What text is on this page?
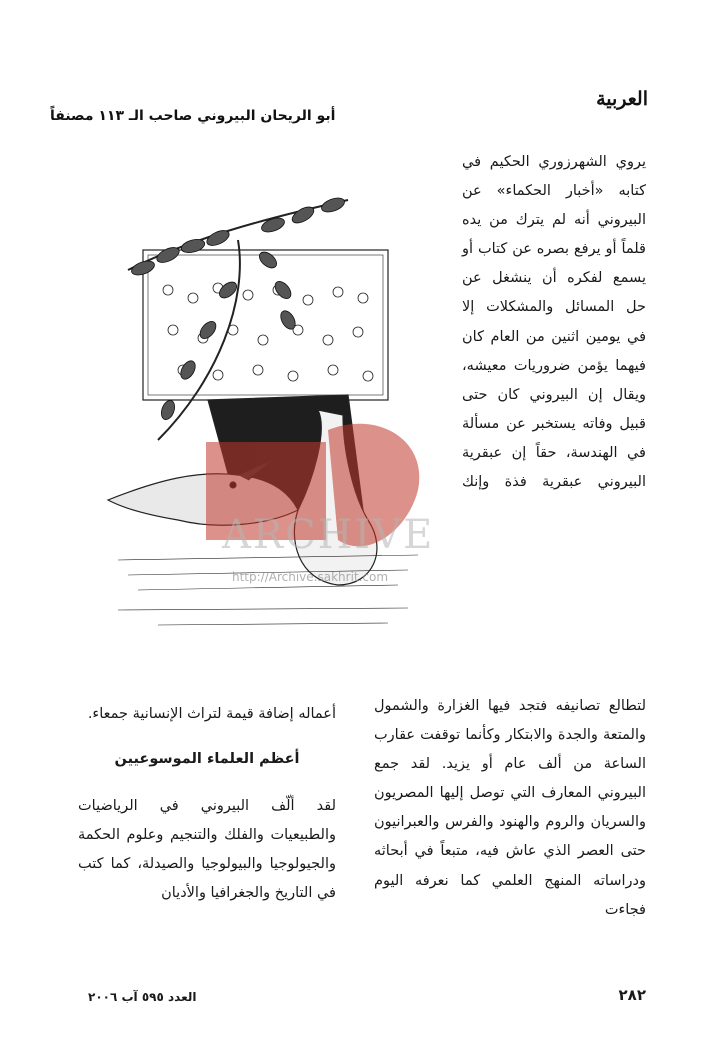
العربية
أبو الريحان البيروني صاحب الـ ١١٣ مصنفاً
ARCHIVE
http://Archive.sakhrit.com

يروي الشهرزوري الحكيم في كتابه «أخبار الحكماء» عن البيروني أنه لم يترك من يده قلماً أو يرفع بصره عن كتاب أو يسمع لفكره أن ينشغل عن حل المسائل والمشكلات إلا في يومين اثنين من العام كان فيهما يؤمن ضروريات معيشه، ويقال إن البيروني كان حتى قبيل وفاته يستخبر عن مسألة في الهندسة، حقاً إن عبقرية البيروني عبقرية فذة وإنك

لتطالع تصانيفه فتجد فيها الغزارة والشمول والمتعة والجدة والابتكار وكأنما توقفت عقارب الساعة من ألف عام أو يزيد. لقد جمع البيروني المعارف التي توصل إليها المصريون والسريان والروم والهنود والفرس والعبرانيون حتى العصر الذي عاش فيه، متبعاً في أبحاثه ودراساته المنهج العلمي كما نعرفه اليوم فجاءت

أعماله إضافة قيمة لتراث الإنسانية جمعاء.

أعظم العلماء الموسوعيين

لقد ألّف البيروني في الرياضيات والطبيعيات والفلك والتنجيم وعلوم الحكمة والجيولوجيا والبيولوجيا والصيدلة، كما كتب في التاريخ والجغرافيا والأديان

٢٨٢
العدد ٥٩٥ آب ٢٠٠٦
